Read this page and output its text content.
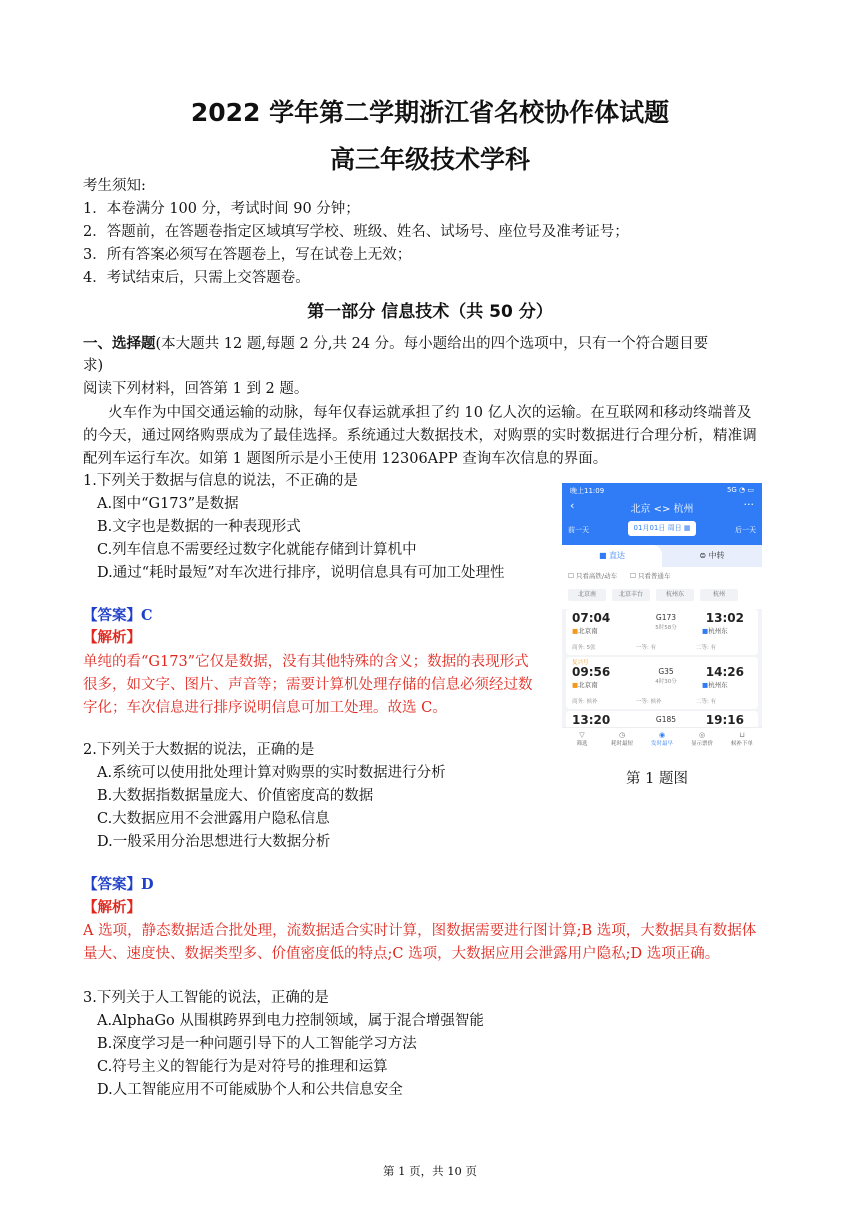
2022 学年第二学期浙江省名校协作体试题
高三年级技术学科
考生须知:
1．本卷满分 100 分，考试时间 90 分钟；
2．答题前，在答题卷指定区域填写学校、班级、姓名、试场号、座位号及准考证号；
3．所有答案必须写在答题卷上，写在试卷上无效；
4．考试结束后，只需上交答题卷。
第一部分 信息技术（共 50 分）
一、选择题(本大题共 12 题,每题 2 分,共 24 分。每小题给出的四个选项中，只有一个符合题目要
求)
阅读下列材料，回答第 1 到 2 题。
火车作为中国交通运输的动脉，每年仅春运就承担了约 10 亿人次的运输。在互联网和移动终端普及
的今天，通过网络购票成为了最佳选择。系统通过大数据技术，对购票的实时数据进行合理分析，精准调
配列车运行车次。如第 1 题图所示是小王使用 12306APP 查询车次信息的界面。
1.下列关于数据与信息的说法，不正确的是
A.图中“G173”是数据
B.文字也是数据的一种表现形式
C.列车信息不需要经过数字化就能存储到计算机中
D.通过“耗时最短”对车次进行排序，说明信息具有可加工处理性
【答案】C
【解析】
单纯的看“G173”它仅是数据，没有其他特殊的含义；数据的表现形式
很多，如文字、图片、声音等；需要计算机处理存储的信息必须经过数
字化；车次信息进行排序说明信息可加工处理。故选 C。
晚上11:09	5G ◔ ▭
‹	北京 <> 杭州	···
前一天	01月01日 周日 ▦	后一天
■ 直达	⊜ 中转
☐ 只看高铁/动车 ☐ 只看普通车
北京南	北京丰台	杭州东	杭州
07:04	G173
5时58分
13:02
■北京南	■杭州东
商务: 5张	一等: 有	二等: 有
复兴号
09:56	G35
4时30分
14:26
■北京南	■杭州东
商务: 候补	一等: 候补	二等: 有
13:20	G185	19:16
▽
筛选
◷
耗时最短
◉
发时最早
◎
显示票价
⊔
候补下单
第 1 题图
2.下列关于大数据的说法，正确的是
A.系统可以使用批处理计算对购票的实时数据进行分析
B.大数据指数据量庞大、价值密度高的数据
C.大数据应用不会泄露用户隐私信息
D.一般采用分治思想进行大数据分析
【答案】D
【解析】
A 选项，静态数据适合批处理，流数据适合实时计算，图数据需要进行图计算;B 选项，大数据具有数据体
量大、速度快、数据类型多、价值密度低的特点;C 选项，大数据应用会泄露用户隐私;D 选项正确。
3.下列关于人工智能的说法，正确的是
A.AlphaGo 从围棋跨界到电力控制领域，属于混合增强智能
B.深度学习是一种问题引导下的人工智能学习方法
C.符号主义的智能行为是对符号的推理和运算
D.人工智能应用不可能威胁个人和公共信息安全
第 1 页，共 10 页
